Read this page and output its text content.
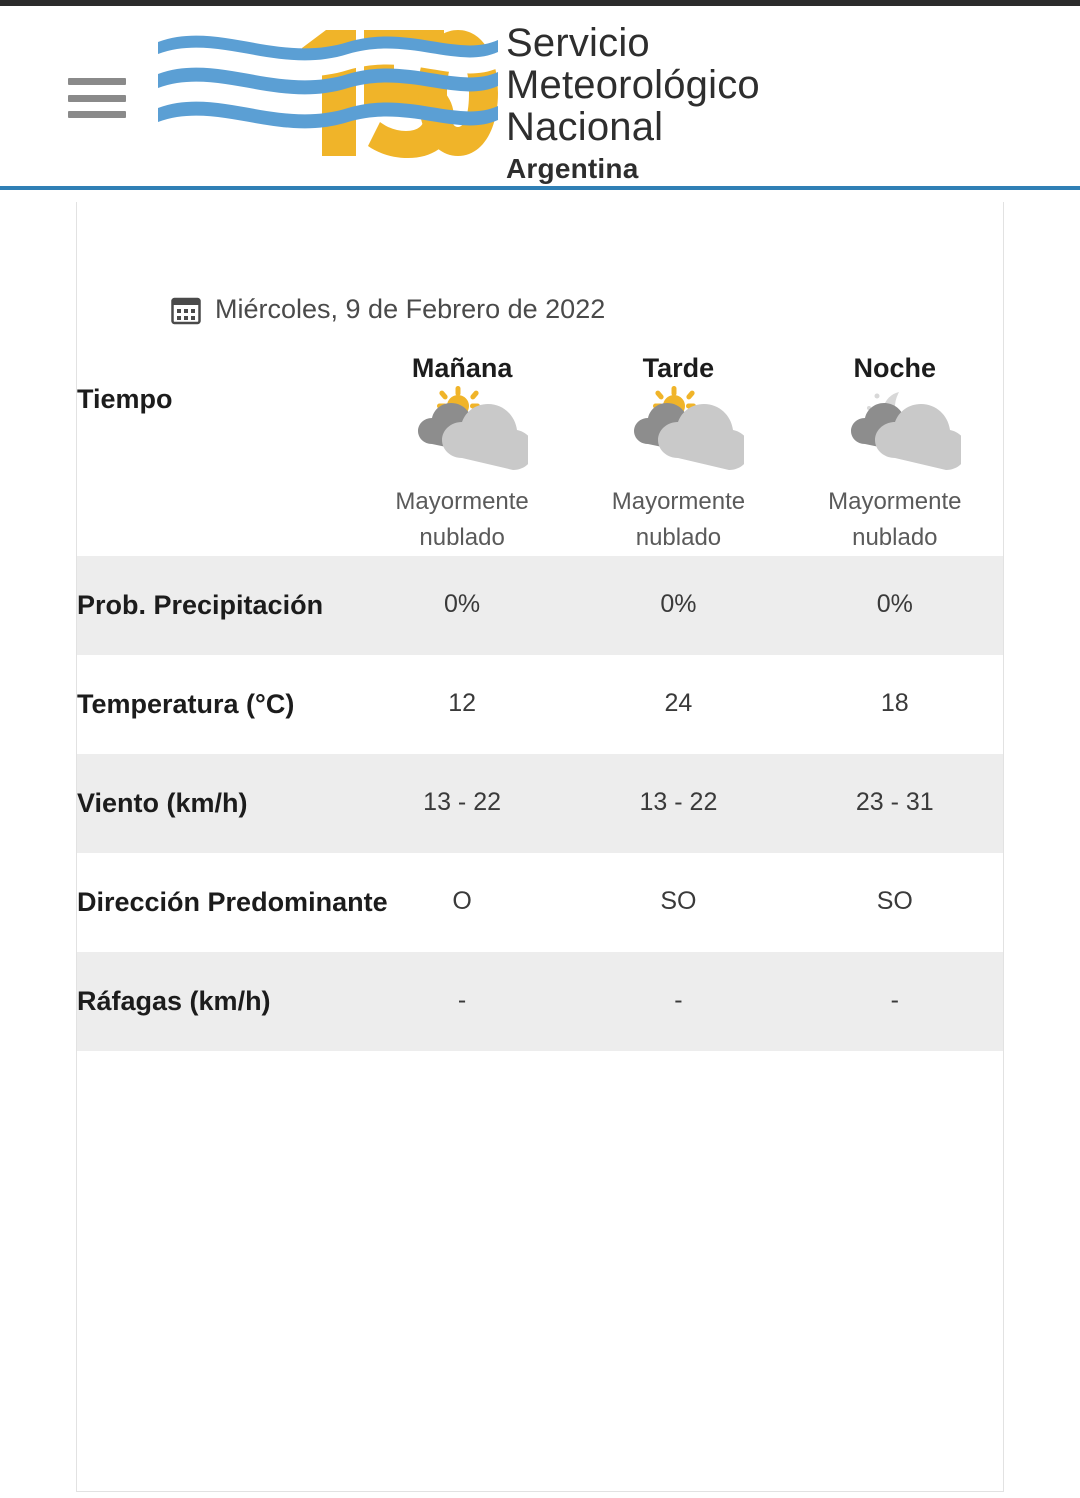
Servicio
Meteorológico
Nacional
Argentina
Miércoles, 9 de Febrero de 2022
	Mañana	Tarde	Noche
Tiempo	Mayormente nublado	Mayormente nublado	Mayormente nublado

Prob. Precipitación	0%	0%	0%

Temperatura (°C)	12	24	18

Viento (km/h)	13 - 22	13 - 22	23 - 31

Dirección Predominante	O	SO	SO

Ráfagas (km/h)	-	-	-
